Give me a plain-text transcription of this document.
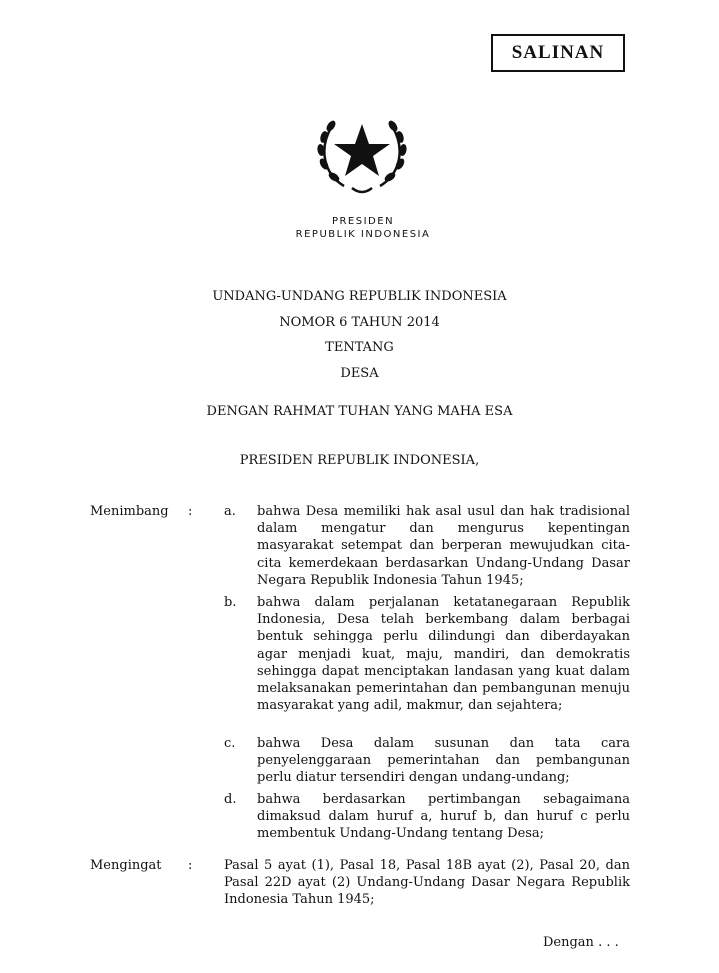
SALINAN
PRESIDEN
REPUBLIK INDONESIA
UNDANG-UNDANG REPUBLIK INDONESIA
NOMOR 6 TAHUN 2014
TENTANG
DESA
DENGAN RAHMAT TUHAN YANG MAHA ESA
PRESIDEN REPUBLIK INDONESIA,
Menimbang : a. bahwa Desa memiliki hak asal usul dan hak tradisional dalam mengatur dan mengurus kepentingan masyarakat setempat dan berperan mewujudkan cita-cita kemerdekaan berdasarkan Undang-Undang Dasar Negara Republik Indonesia Tahun 1945;
b. bahwa dalam perjalanan ketatanegaraan Republik Indonesia, Desa telah berkembang dalam berbagai bentuk sehingga perlu dilindungi dan diberdayakan agar menjadi kuat, maju, mandiri, dan demokratis sehingga dapat menciptakan landasan yang kuat dalam melaksanakan pemerintahan dan pembangunan menuju masyarakat yang adil, makmur, dan sejahtera;
c. bahwa Desa dalam susunan dan tata cara penyelenggaraan pemerintahan dan pembangunan perlu diatur tersendiri dengan undang-undang;
d. bahwa berdasarkan pertimbangan sebagaimana dimaksud dalam huruf a, huruf b, dan huruf c perlu membentuk Undang-Undang tentang Desa;
Mengingat : Pasal 5 ayat (1), Pasal 18, Pasal 18B ayat (2), Pasal 20, dan Pasal 22D ayat (2) Undang-Undang Dasar Negara Republik Indonesia Tahun 1945;
Dengan . . .
